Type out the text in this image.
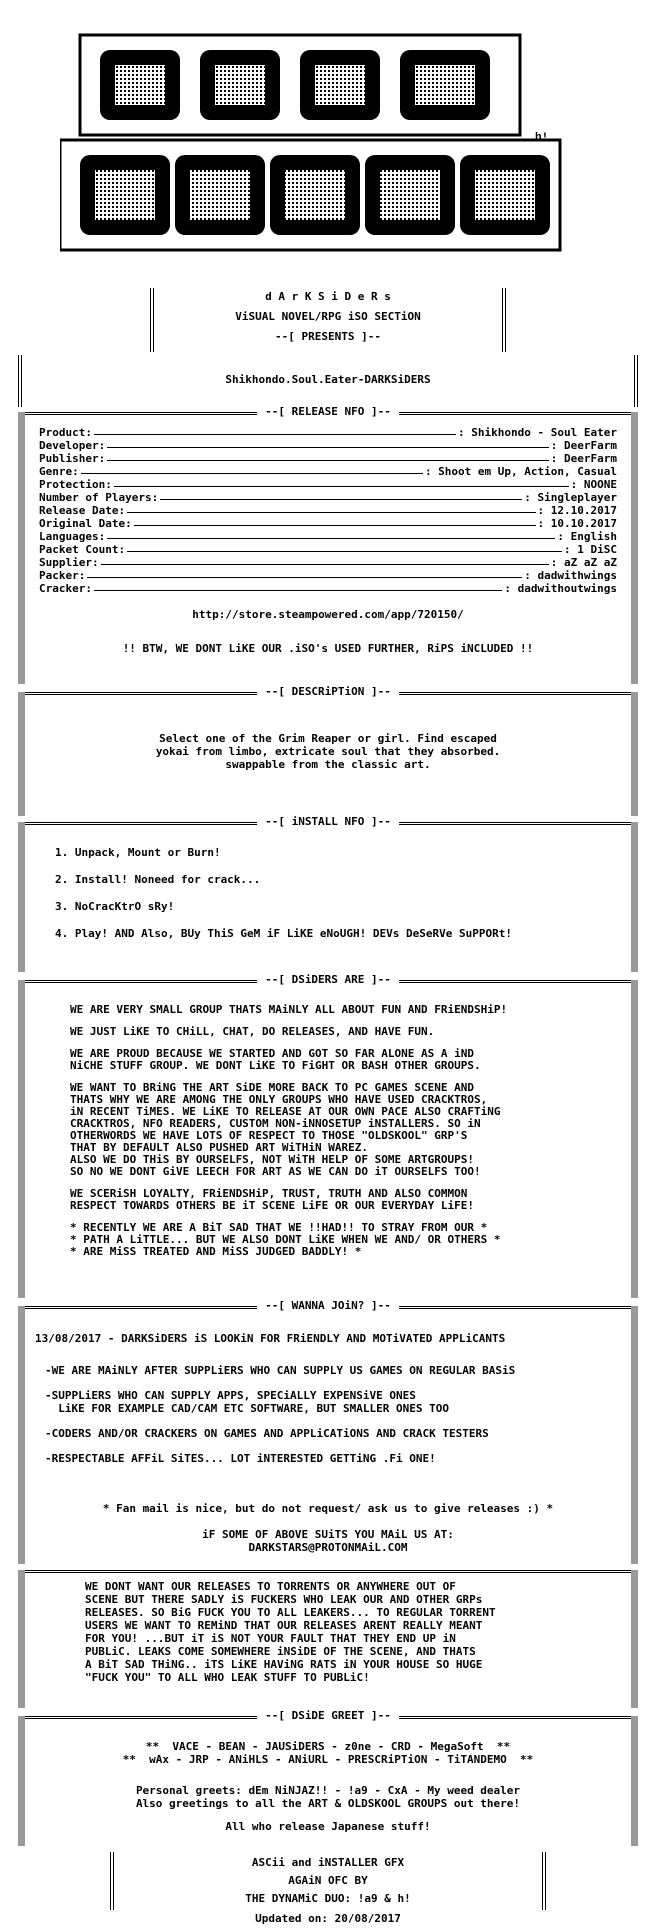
h!
d A r K S i D e R s
ViSUAL NOVEL/RPG iSO SECTiON
--[ PRESENTS ]--
Shikhondo.Soul.Eater-DARKSiDERS
--[ RELEASE NFO ]--
Product:	: Shikhondo - Soul Eater
Developer:	: DeerFarm
Publisher:	: DeerFarm
Genre:	: Shoot em Up, Action, Casual
Protection:	: NOONE
Number of Players:	: Singleplayer
Release Date:	: 12.10.2017
Original Date:	: 10.10.2017
Languages:	: English
Packet Count:	: 1 DiSC
Supplier:	: aZ aZ aZ
Packer:	: dadwithwings
Cracker:	: dadwithoutwings
http://store.steampowered.com/app/720150/
!! BTW, WE DONT LiKE OUR .iSO's USED FURTHER, RiPS iNCLUDED !!
--[ DESCRiPTiON ]--
Select one of the Grim Reaper or girl. Find escaped
yokai from limbo, extricate soul that they absorbed.
swappable from the classic art.
--[ iNSTALL NFO ]--
1. Unpack, Mount or Burn!
2. Install! Noneed for crack...
3. NoCracKtrO sRy!
4. Play! AND Also, BUy ThiS GeM iF LiKE eNoUGH! DEVs DeSeRVe SuPPORt!
--[ DSiDERS ARE ]--
WE ARE VERY SMALL GROUP THATS MAiNLY ALL ABOUT FUN AND FRiENDSHiP!
WE JUST LiKE TO CHiLL, CHAT, DO RELEASES, AND HAVE FUN.
WE ARE PROUD BECAUSE WE STARTED AND GOT SO FAR ALONE AS A iND
NiCHE STUFF GROUP. WE DONT LiKE TO FiGHT OR BASH OTHER GROUPS.
WE WANT TO BRiNG THE ART SiDE MORE BACK TO PC GAMES SCENE AND
THATS WHY WE ARE AMONG THE ONLY GROUPS WHO HAVE USED CRACKTROS,
iN RECENT TiMES. WE LiKE TO RELEASE AT OUR OWN PACE ALSO CRAFTiNG
CRACKTROS, NFO READERS, CUSTOM NON-iNNOSETUP iNSTALLERS. SO iN
OTHERWORDS WE HAVE LOTS OF RESPECT TO THOSE "OLDSKOOL" GRP'S
THAT BY DEFAULT ALSO PUSHED ART WiTHiN WAREZ.
ALSO WE DO THiS BY OURSELFS, NOT WiTH HELP OF SOME ARTGROUPS!
SO NO WE DONT GiVE LEECH FOR ART AS WE CAN DO iT OURSELFS TOO!
WE SCERiSH LOYALTY, FRiENDSHiP, TRUST, TRUTH AND ALSO COMMON
RESPECT TOWARDS OTHERS BE iT SCENE LiFE OR OUR EVERYDAY LiFE!
* RECENTLY WE ARE A BiT SAD THAT WE !!HAD!! TO STRAY FROM OUR *
* PATH A LiTTLE... BUT WE ALSO DONT LiKE WHEN WE AND/ OR OTHERS *
* ARE MiSS TREATED AND MiSS JUDGED BADDLY! *
--[ WANNA JOiN? ]--
13/08/2017 - DARKSiDERS iS LOOKiN FOR FRiENDLY AND MOTiVATED APPLiCANTS
-WE ARE MAiNLY AFTER SUPPLiERS WHO CAN SUPPLY US GAMES ON REGULAR BASiS
-SUPPLiERS WHO CAN SUPPLY APPS, SPECiALLY EXPENSiVE ONES
LiKE FOR EXAMPLE CAD/CAM ETC SOFTWARE, BUT SMALLER ONES TOO
-CODERS AND/OR CRACKERS ON GAMES AND APPLiCATiONS AND CRACK TESTERS
-RESPECTABLE AFFiL SiTES... LOT iNTERESTED GETTiNG .Fi ONE!
* Fan mail is nice, but do not request/ ask us to give releases :) *
iF SOME OF ABOVE SUiTS YOU MAiL US AT:
DARKSTARS@PROTONMAiL.COM
WE DONT WANT OUR RELEASES TO TORRENTS OR ANYWHERE OUT OF
SCENE BUT THERE SADLY iS FUCKERS WHO LEAK OUR AND OTHER GRPs
RELEASES. SO BiG FUCK YOU TO ALL LEAKERS... TO REGULAR TORRENT
USERS WE WANT TO REMiND THAT OUR RELEASES ARENT REALLY MEANT
FOR YOU! ...BUT iT iS NOT YOUR FAULT THAT THEY END UP iN
PUBLiC. LEAKS COME SOMEWHERE iNSiDE OF THE SCENE, AND THATS
A BiT SAD THiNG.. iTS LiKE HAViNG RATS iN YOUR HOUSE SO HUGE
"FUCK YOU" TO ALL WHO LEAK STUFF TO PUBLiC!
--[ DSiDE GREET ]--
**  VACE - BEAN - JAUSiDERS - z0ne - CRD - MegaSoft  **
**  wAx - JRP - ANiHLS - ANiURL - PRESCRiPTiON - TiTANDEMO  **
Personal greets: dEm NiNJAZ!! - !a9 - CxA - My weed dealer
Also greetings to all the ART & OLDSKOOL GROUPS out there!
All who release Japanese stuff!
ASCii and iNSTALLER GFX
AGAiN OFC BY
THE DYNAMiC DUO: !a9 & h!
Updated on: 20/08/2017
